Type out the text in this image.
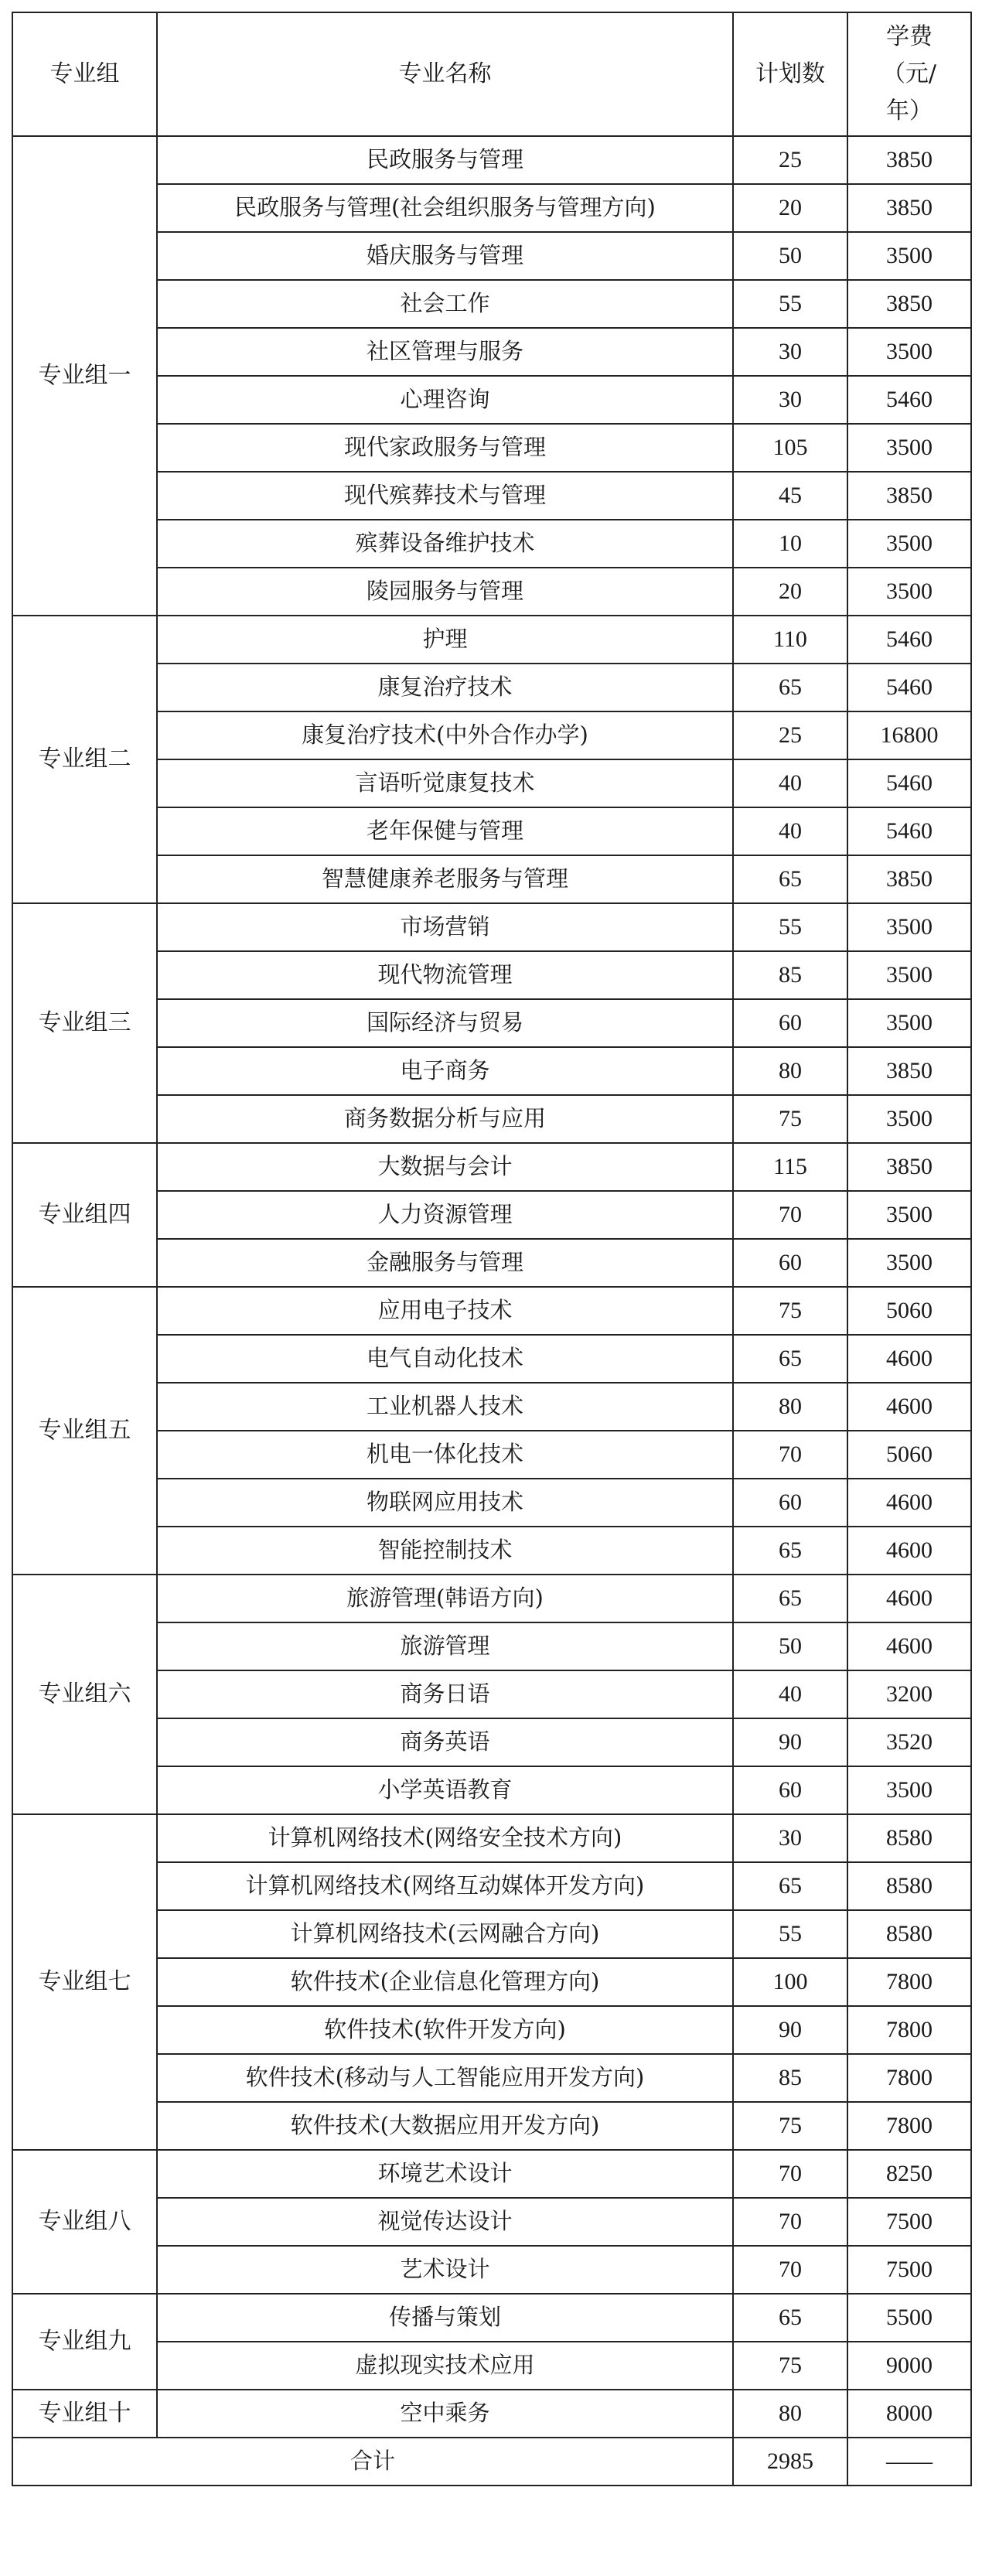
专业组	专业名称	计划数	学费
（元/
年）

专业组一	民政服务与管理	25	3850
	民政服务与管理(社会组织服务与管理方向)	20	3850
	婚庆服务与管理	50	3500
	社会工作	55	3850
	社区管理与服务	30	3500
	心理咨询	30	5460
	现代家政服务与管理	105	3500
	现代殡葬技术与管理	45	3850
	殡葬设备维护技术	10	3500
	陵园服务与管理	20	3500
专业组二	护理	110	5460
	康复治疗技术	65	5460
	康复治疗技术(中外合作办学)	25	16800
	言语听觉康复技术	40	5460
	老年保健与管理	40	5460
	智慧健康养老服务与管理	65	3850
专业组三	市场营销	55	3500
	现代物流管理	85	3500
	国际经济与贸易	60	3500
	电子商务	80	3850
	商务数据分析与应用	75	3500
专业组四	大数据与会计	115	3850
	人力资源管理	70	3500
	金融服务与管理	60	3500
专业组五	应用电子技术	75	5060
	电气自动化技术	65	4600
	工业机器人技术	80	4600
	机电一体化技术	70	5060
	物联网应用技术	60	4600
	智能控制技术	65	4600
专业组六	旅游管理(韩语方向)	65	4600
	旅游管理	50	4600
	商务日语	40	3200
	商务英语	90	3520
	小学英语教育	60	3500
专业组七	计算机网络技术(网络安全技术方向)	30	8580
	计算机网络技术(网络互动媒体开发方向)	65	8580
	计算机网络技术(云网融合方向)	55	8580
	软件技术(企业信息化管理方向)	100	7800
	软件技术(软件开发方向)	90	7800
	软件技术(移动与人工智能应用开发方向)	85	7800
	软件技术(大数据应用开发方向)	75	7800
专业组八	环境艺术设计	70	8250
	视觉传达设计	70	7500
	艺术设计	70	7500
专业组九	传播与策划	65	5500
	虚拟现实技术应用	75	9000
专业组十	空中乘务	80	8000
合计		2985	——
